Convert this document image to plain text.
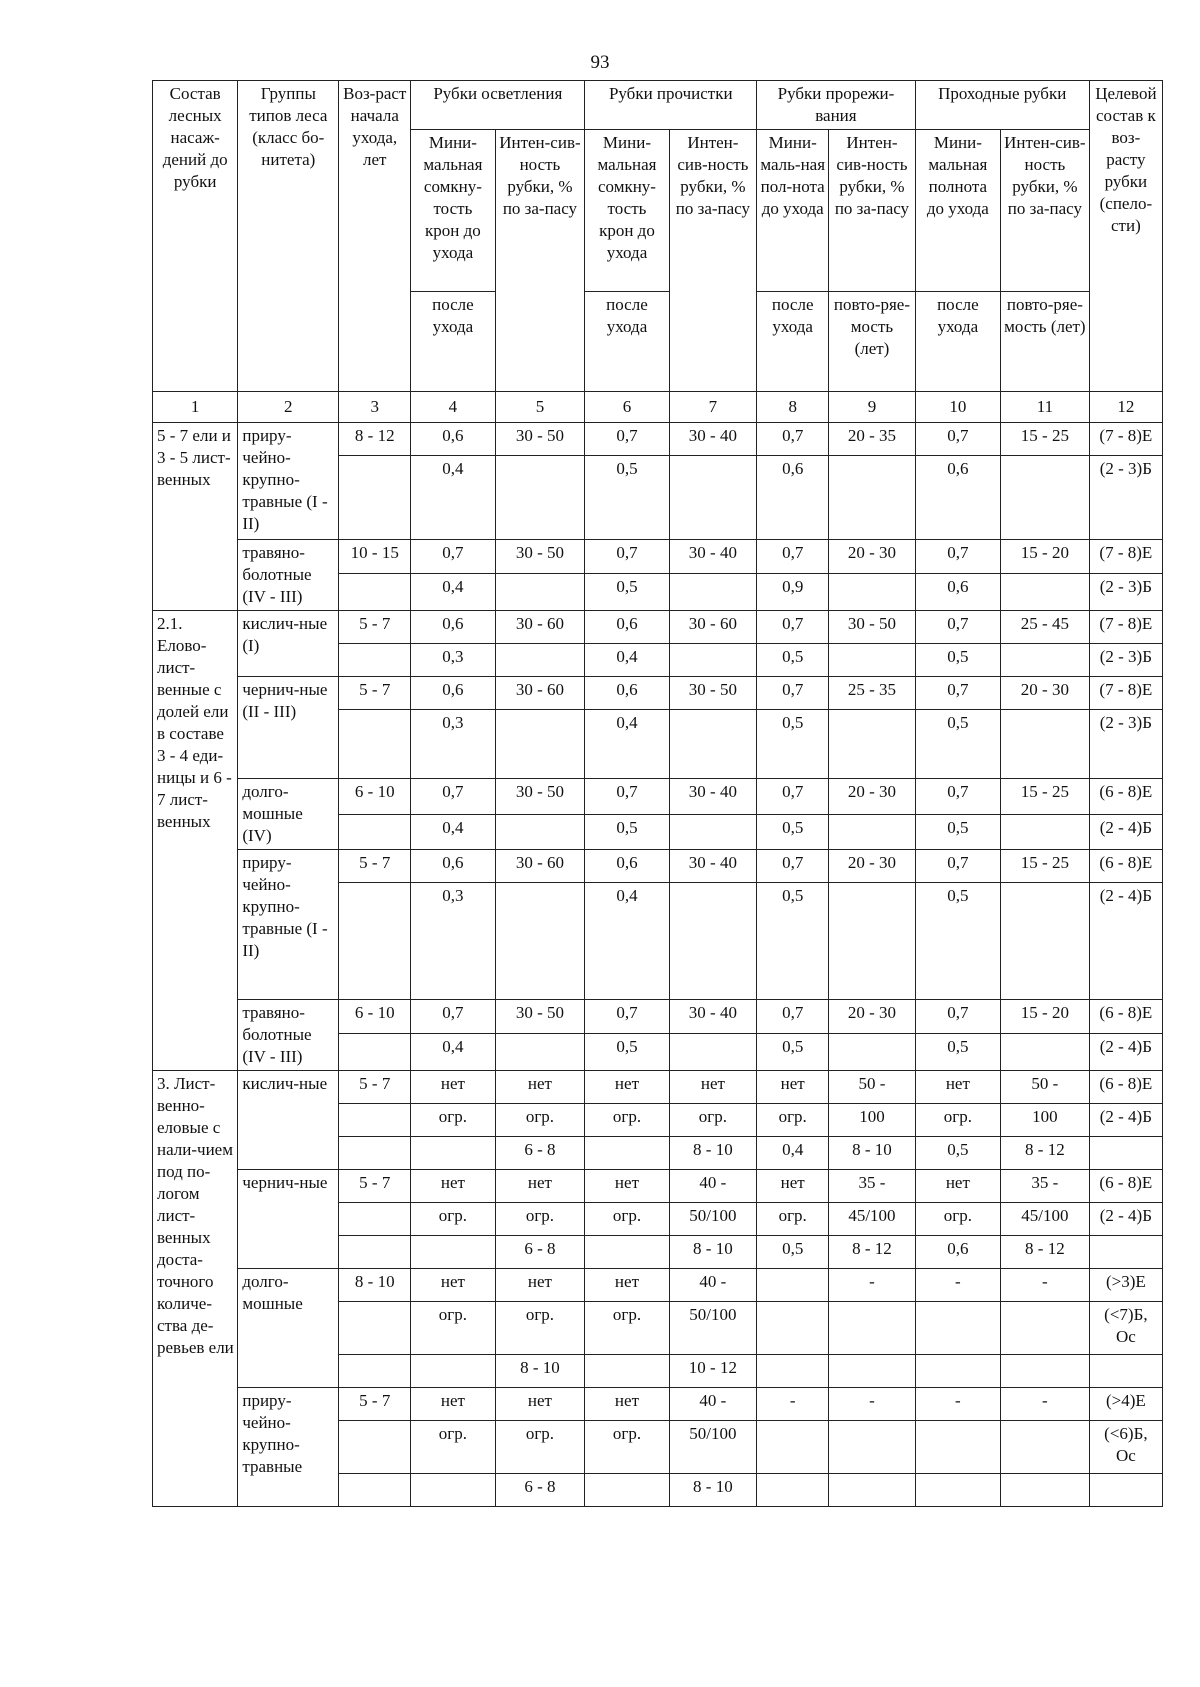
93
Состав лесных насаж-дений до рубки	Группы типов леса (класс бо-нитета)	Воз-раст начала ухода, лет	Рубки осветления		Рубки прочистки		Рубки прорежи-вания		Проходные рубки		Целевой состав к воз-расту рубки (спело-сти)
			Мини-мальная сомкну-тость крон до ухода	Интен-сив-ность рубки, % по за-пасу	Мини-мальная сомкну-тость крон до ухода	Интен-сив-ность рубки, % по за-пасу	Мини-маль-ная пол-нота до ухода	Интен-сив-ность рубки, % по за-пасу	Мини-мальная полнота до ухода	Интен-сив-ность рубки, % по за-пасу	
			после ухода		после ухода		после ухода	повто-ряе-мость (лет)	после ухода	повто-ряе-мость (лет)	
1	2	3	4	5	6	7	8	9	10	11	12
5 - 7 ели и 3 - 5 лист-венных	приру-чейно-крупно-травные (I - II)	8 - 12	0,6	30 - 50	0,7	30 - 40	0,7	20 - 35	0,7	15 - 25	(7 - 8)Е
			0,4		0,5		0,6		0,6		(2 - 3)Б
	травяно-болотные (IV - III)	10 - 15	0,7	30 - 50	0,7	30 - 40	0,7	20 - 30	0,7	15 - 20	(7 - 8)Е
			0,4		0,5		0,9		0,6		(2 - 3)Б
2.1. Елово-лист-венные с долей ели в составе 3 - 4 еди-ницы и 6 - 7 лист-венных	кислич-ные (I)	5 - 7	0,6	30 - 60	0,6	30 - 60	0,7	30 - 50	0,7	25 - 45	(7 - 8)Е
			0,3		0,4		0,5		0,5		(2 - 3)Б
	чернич-ные (II - III)	5 - 7	0,6	30 - 60	0,6	30 - 50	0,7	25 - 35	0,7	20 - 30	(7 - 8)Е
			0,3		0,4		0,5		0,5		(2 - 3)Б
	долго-мошные (IV)	6 - 10	0,7	30 - 50	0,7	30 - 40	0,7	20 - 30	0,7	15 - 25	(6 - 8)Е
			0,4		0,5		0,5		0,5		(2 - 4)Б
	приру-чейно-крупно-травные (I - II)	5 - 7	0,6	30 - 60	0,6	30 - 40	0,7	20 - 30	0,7	15 - 25	(6 - 8)Е
			0,3		0,4		0,5		0,5		(2 - 4)Б
	травяно-болотные (IV - III)	6 - 10	0,7	30 - 50	0,7	30 - 40	0,7	20 - 30	0,7	15 - 20	(6 - 8)Е
			0,4		0,5		0,5		0,5		(2 - 4)Б
3. Лист-венно-еловые с нали-чием под по-логом лист-венных доста-точного количе-ства де-ревьев ели	кислич-ные	5 - 7	нет	нет	нет	нет	нет	50 -	нет	50 -	(6 - 8)Е
			огр.	огр.	огр.	огр.	огр.	100	огр.	100	(2 - 4)Б
				6 - 8		8 - 10	0,4	8 - 10	0,5	8 - 12	
	чернич-ные	5 - 7	нет	нет	нет	40 -	нет	35 -	нет	35 -	(6 - 8)Е
			огр.	огр.	огр.	50/100	огр.	45/100	огр.	45/100	(2 - 4)Б
				6 - 8		8 - 10	0,5	8 - 12	0,6	8 - 12	
	долго-мошные	8 - 10	нет	нет	нет	40 -		-	-	-	(>3)Е
			огр.	огр.	огр.	50/100					(<7)Б, Ос
				8 - 10		10 - 12					
	приру-чейно-крупно-травные	5 - 7	нет	нет	нет	40 -	-	-	-	-	(>4)Е
			огр.	огр.	огр.	50/100					(<6)Б, Ос
				6 - 8		8 - 10					
